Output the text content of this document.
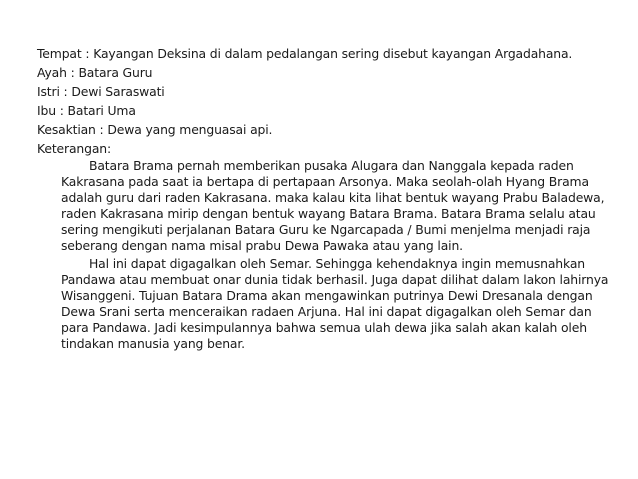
Tempat : Kayangan Deksina di dalam pedalangan sering disebut kayangan Argadahana.
Ayah : Batara Guru
Istri : Dewi Saraswati
Ibu : Batari Uma
Kesaktian : Dewa yang menguasai api.
Keterangan:
Batara Brama pernah memberikan pusaka Alugara dan Nanggala kepada raden Kakrasana pada saat ia bertapa di pertapaan Arsonya. Maka seolah-olah Hyang Brama adalah guru dari raden Kakrasana. maka kalau kita lihat bentuk wayang Prabu Baladewa, raden Kakrasana mirip dengan bentuk wayang Batara Brama. Batara Brama selalu atau sering mengikuti perjalanan Batara Guru ke Ngarcapada / Bumi menjelma menjadi raja seberang dengan nama misal prabu Dewa Pawaka atau yang lain.
Hal ini dapat digagalkan oleh Semar. Sehingga kehendaknya ingin memusnahkan Pandawa atau membuat onar dunia tidak berhasil. Juga dapat dilihat dalam lakon lahirnya Wisanggeni. Tujuan Batara Drama akan mengawinkan putrinya Dewi Dresanala dengan Dewa Srani serta menceraikan radaen Arjuna. Hal ini dapat digagalkan oleh Semar dan para Pandawa. Jadi kesimpulannya bahwa semua ulah dewa jika salah akan kalah oleh tindakan manusia yang benar.
